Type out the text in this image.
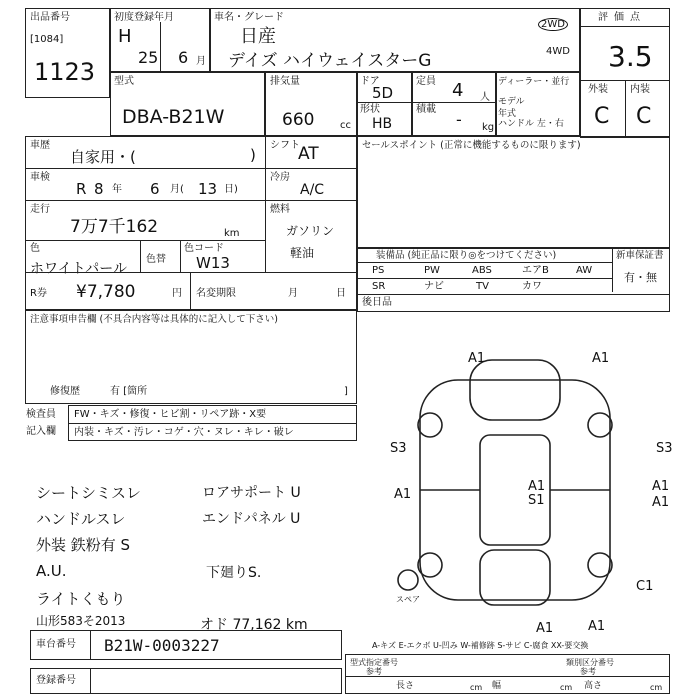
出品番号
[1084]
1123
初度登録年月
H
25 6 月
車名・グレード
日産
デイズ ハイウェイスターG
2WD
4WD
評価点
3.5
外装 内装
C C
型式
DBA-B21W
排気量
660	cc
ドア
5D
形状
HB
定員 4 人
積載
- kg
ディーラー・並行
モデル年式
ハンドル 左・右
車歴
自家用・(	)
シフト
AT
車検
R 8 年 6 月( 13 日)
冷房
A/C
走行
7万7千162	km
燃料
ガソリン
軽油
色
ホワイトパール
色替
色コード
W13
R券 ¥7,780	円 名変期限	月	日
注意事項申告欄 (不具合内容等は具体的に記入して下さい)
修復歴	有 [箇所	]
検査員
記入欄
FW・キズ・修復・ヒビ割・リペア跡・X要
内装・キズ・汚レ・コゲ・穴・ヌレ・キレ・破レ
シートシミスレ
ハンドルスレ
外装 鉄粉有 S
A.U.
ライトくもり
山形583そ2013
ロアサポート U
エンドパネル U
下廻りS.
オド 77,162 km
セールスポイント (正常に機能するものに限ります)
装備品 (純正品に限り◎をつけてください)	新車保証書
有・無
PS	PW	ABS	エアB	AW
SR	ナビ	TV	カワ
後日品
A1	A1
S3
A1
S3
A1
A1
A1
S1
C1
A1	A1
スペア
A-キズ E-エクボ U-凹み W-補修跡 S-サビ C-腐食 XX-要交換
車台番号 B21W-0003227
登録番号
型式指定番号
参考
類別区分番号
参考
長さ	cm 幅	cm 高さ	cm
